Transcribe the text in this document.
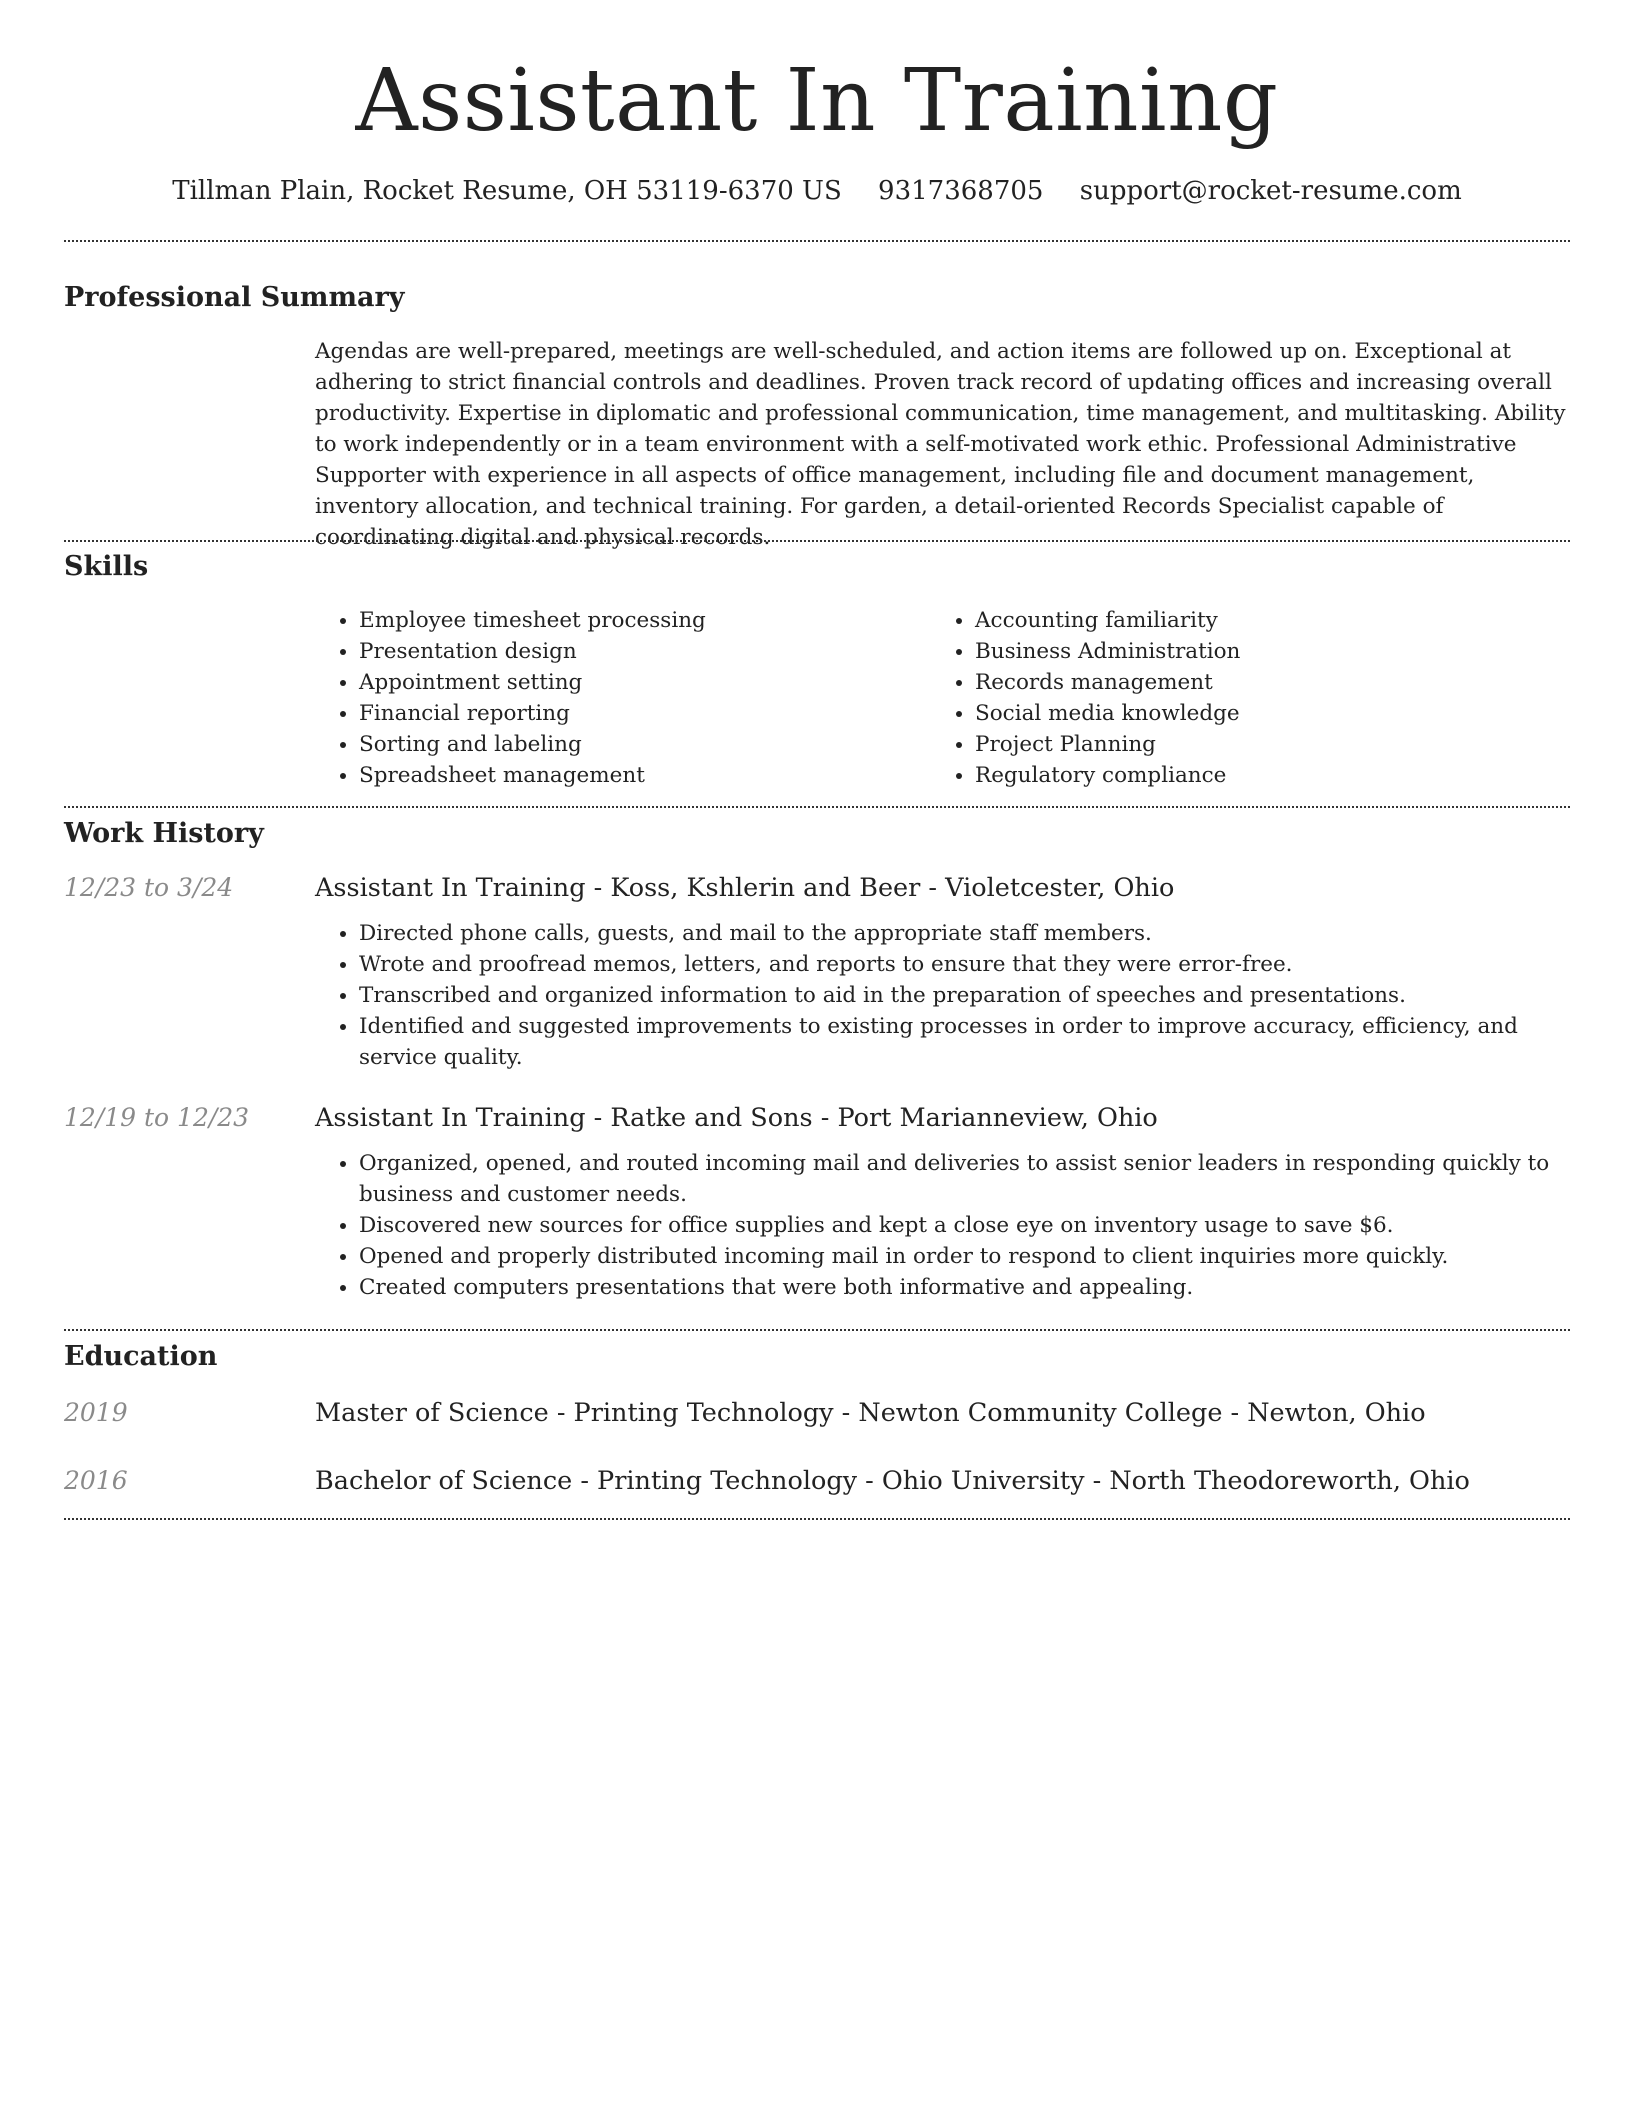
Assistant In Training
Tillman Plain, Rocket Resume, OH 53119-6370 US 9317368705 support@rocket-resume.com
Professional Summary
Agendas are well-prepared, meetings are well-scheduled, and action items are followed up on. Exceptional at adhering to strict financial controls and deadlines. Proven track record of updating offices and increasing overall productivity. Expertise in diplomatic and professional communication, time management, and multitasking. Ability to work independently or in a team environment with a self-motivated work ethic. Professional Administrative Supporter with experience in all aspects of office management, including file and document management, inventory allocation, and technical training. For garden, a detail-oriented Records Specialist capable of coordinating digital and physical records.
Skills
• Employee timesheet processing
• Presentation design
• Appointment setting
• Financial reporting
• Sorting and labeling
• Spreadsheet management
• Accounting familiarity
• Business Administration
• Records management
• Social media knowledge
• Project Planning
• Regulatory compliance
Work History
12/23 to 3/24	Assistant In Training - Koss, Kshlerin and Beer - Violetcester, Ohio
• Directed phone calls, guests, and mail to the appropriate staff members.
• Wrote and proofread memos, letters, and reports to ensure that they were error-free.
• Transcribed and organized information to aid in the preparation of speeches and presentations.
• Identified and suggested improvements to existing processes in order to improve accuracy, efficiency, and service quality.
12/19 to 12/23	Assistant In Training - Ratke and Sons - Port Marianneview, Ohio
• Organized, opened, and routed incoming mail and deliveries to assist senior leaders in responding quickly to business and customer needs.
• Discovered new sources for office supplies and kept a close eye on inventory usage to save $6.
• Opened and properly distributed incoming mail in order to respond to client inquiries more quickly.
• Created computers presentations that were both informative and appealing.
Education
2019	Master of Science - Printing Technology - Newton Community College - Newton, Ohio
2016	Bachelor of Science - Printing Technology - Ohio University - North Theodoreworth, Ohio
